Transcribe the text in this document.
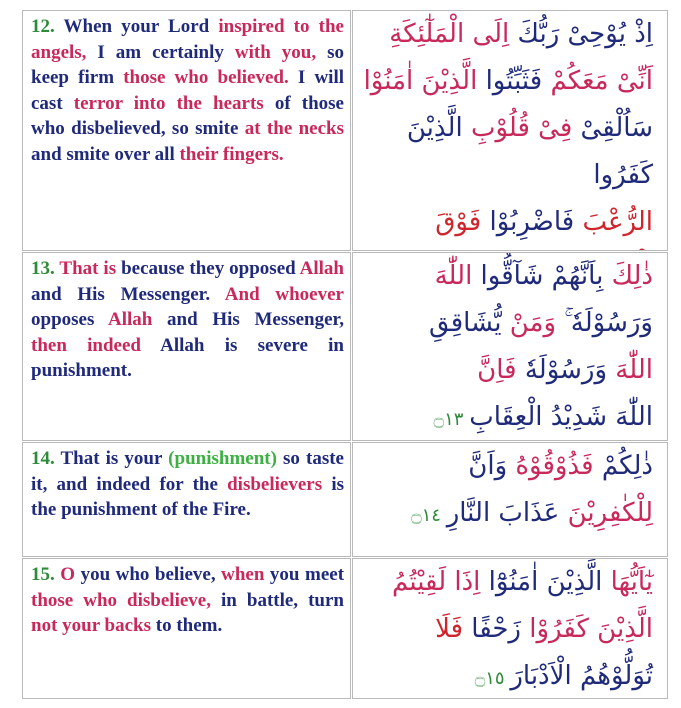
12. When your Lord inspired to the angels, I am certainly with you, so keep firm those who believed. I will cast terror into the hearts of those who disbelieved, so smite at the necks and smite over all their fingers.
اِذْ يُوْحِىْ رَبُّكَ اِلَى الْمَلٰٓئِكَةِ
اَنِّىْ مَعَكُمْ فَثَبِّتُوا الَّذِيْنَ اٰمَنُوْا
سَاُلْقِىْ فِىْ قُلُوْبِ الَّذِيْنَ كَفَرُوا
الرُّعْبَ فَاضْرِبُوْا فَوْقَ
13. That is because they opposed Allah and His Messenger. And whoever opposes Allah and His Messenger, then indeed Allah is severe in punishment.
ذٰلِكَ بِاَنَّهُمْ شَآقُّوا اللّٰهَ
وَرَسُوْلَهٗ ۚ وَمَنْ يُّشَاقِقِ
اللّٰهَ وَرَسُوْلَهٗ فَاِنَّ
اللّٰهَ شَدِيْدُ الْعِقَابِ ۝١٣
14. That is your (punishment) so taste it, and indeed for the disbelievers is the punishment of the Fire.
ذٰلِكُمْ فَذُوْقُوْهُ وَاَنَّ
لِلْكٰفِرِيْنَ عَذَابَ النَّارِ ۝١٤
15. O you who believe, when you meet those who disbelieve, in battle, turn not your backs to them.
يٰٓاَيُّهَا الَّذِيْنَ اٰمَنُوْٓا اِذَا لَقِيْتُمُ
الَّذِيْنَ كَفَرُوْا زَحْفًا فَلَا
تُوَلُّوْهُمُ الْاَدْبَارَ ۝١٥
